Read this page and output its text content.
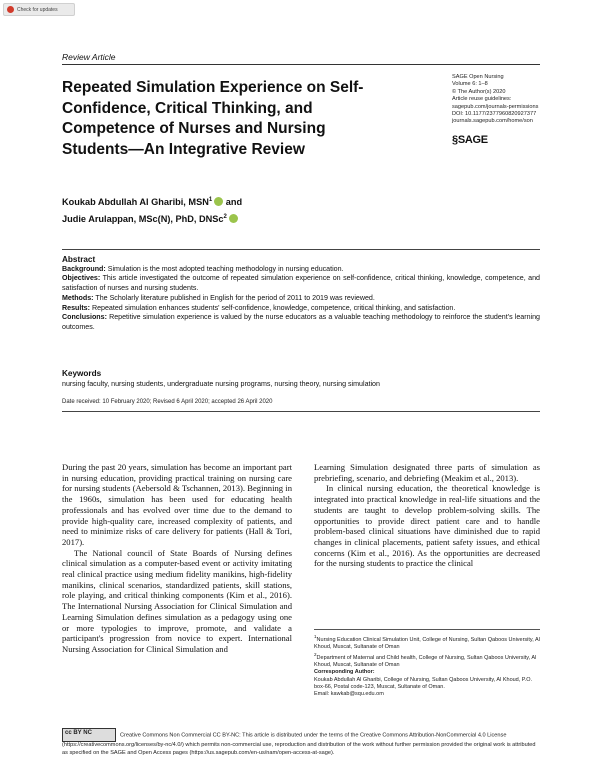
Check for updates
Review Article
Repeated Simulation Experience on Self-Confidence, Critical Thinking, and Competence of Nurses and Nursing Students—An Integrative Review
SAGE Open Nursing
Volume 6: 1–8
© The Author(s) 2020
Article reuse guidelines:
sagepub.com/journals-permissions
DOI: 10.1177/2377960820927377
journals.sagepub.com/home/son
§SAGE
Koukab Abdullah Al Gharibi, MSN$^1$ and
Judie Arulappan, MSc(N), PhD, DNSc$^2$
Abstract
Background: Simulation is the most adopted teaching methodology in nursing education.
Objectives: This article investigated the outcome of repeated simulation experience on self-confidence, critical thinking, knowledge, competence, and satisfaction of nurses and nursing students.
Methods: The Scholarly literature published in English for the period of 2011 to 2019 was reviewed.
Results: Repeated simulation enhances students' self-confidence, knowledge, competence, critical thinking, and satisfaction.
Conclusions: Repetitive simulation experience is valued by the nurse educators as a valuable teaching methodology to reinforce the student's learning outcomes.
Keywords
nursing faculty, nursing students, undergraduate nursing programs, nursing theory, nursing simulation
Date received: 10 February 2020; Revised 6 April 2020; accepted 26 April 2020

During the past 20 years, simulation has become an important part in nursing education, providing practical training on nursing care for nursing students (Aebersold & Tschannen, 2013). Beginning in the 1960s, simulation has been used for educating health professionals and has evolved over time due to the demand to provide high-quality care, increased complexity of patients, and need to minimize risks of care delivery for patients (Hall & Tori, 2017).

The National council of State Boards of Nursing defines clinical simulation as a computer-based event or activity imitating real clinical practice using medium fidelity manikins, high-fidelity manikins, clinical scenarios, standardized patients, skill stations, role playing, and critical thinking components (Kim et al., 2016). The International Nursing Association for Clinical Simulation and Learning Simulation defines simulation as a pedagogy using one or more typologies to improve, promote, and validate a participant's progression from novice to expert. International Nursing Association for Clinical Simulation and

Learning Simulation designated three parts of simulation as prebriefing, scenario, and debriefing (Meakim et al., 2013).

In clinical nursing education, the theoretical knowledge is integrated into practical knowledge in real-life situations and the students are taught to develop problem-solving skills. The opportunities to provide direct patient care and to handle problem-based clinical situations have diminished due to rapid changes in clinical placements, patient safety issues, and ethical concerns (Kim et al., 2016). As the opportunities are decreased for the nursing students to practice the clinical

$^1$Nursing Education Clinical Simulation Unit, College of Nursing, Sultan Qaboos University, Al Khoud, Muscat, Sultanate of Oman
$^2$Department of Maternal and Child health, College of Nursing, Sultan Qaboos University, Al Khoud, Muscat, Sultanate of Oman
Corresponding Author:
Koukab Abdullah Al Gharibi, College of Nursing, Sultan Qaboos University, Al Khoud, P.O. box-66, Postal code-123, Muscat, Sultanate of Oman.
Email: kawkab@squ.edu.om
cc BY NC	Creative Commons Non Commercial CC BY-NC: This article is distributed under the terms of the Creative Commons Attribution-NonCommercial 4.0 License (https://creativecommons.org/licenses/by-nc/4.0/) which permits non-commercial use, reproduction and distribution of the work without further permission provided the original work is attributed as specified on the SAGE and Open Access pages (https://us.sagepub.com/en-us/nam/open-access-at-sage).
